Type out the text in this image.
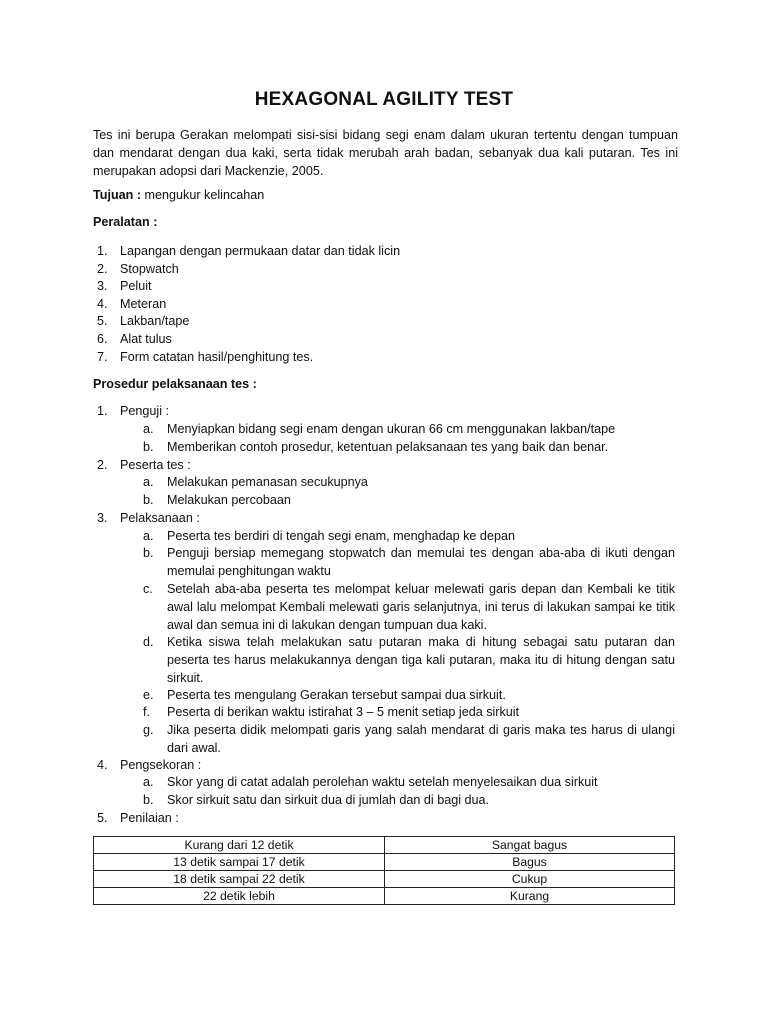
HEXAGONAL AGILITY TEST
Tes ini berupa Gerakan melompati sisi-sisi bidang segi enam dalam ukuran tertentu dengan tumpuan dan mendarat dengan dua kaki, serta tidak merubah arah badan, sebanyak dua kali putaran. Tes ini merupakan adopsi dari Mackenzie, 2005.
Tujuan : mengukur kelincahan
Peralatan :
1. Lapangan dengan permukaan datar dan tidak licin
2. Stopwatch
3. Peluit
4. Meteran
5. Lakban/tape
6. Alat tulus
7. Form catatan hasil/penghitung tes.
Prosedur pelaksanaan tes :
1. Penguji :
a. Menyiapkan bidang segi enam dengan ukuran 66 cm menggunakan lakban/tape
b. Memberikan contoh prosedur, ketentuan pelaksanaan tes yang baik dan benar.
2. Peserta tes :
a. Melakukan pemanasan secukupnya
b. Melakukan percobaan
3. Pelaksanaan :
a. Peserta tes berdiri di tengah segi enam, menghadap ke depan
b. Penguji bersiap memegang stopwatch dan memulai tes dengan aba-aba di ikuti dengan memulai penghitungan waktu
c. Setelah aba-aba peserta tes melompat keluar melewati garis depan dan Kembali ke titik awal lalu melompat Kembali melewati garis selanjutnya, ini terus di lakukan sampai ke titik awal dan semua ini di lakukan dengan tumpuan dua kaki.
d. Ketika siswa telah melakukan satu putaran maka di hitung sebagai satu putaran dan peserta tes harus melakukannya dengan tiga kali putaran, maka itu di hitung dengan satu sirkuit.
e. Peserta tes mengulang Gerakan tersebut sampai dua sirkuit.
f. Peserta di berikan waktu istirahat 3 – 5 menit setiap jeda sirkuit
g. Jika peserta didik melompati garis yang salah mendarat di garis maka tes harus di ulangi dari awal.
4. Pengsekoran :
a. Skor yang di catat adalah perolehan waktu setelah menyelesaikan dua sirkuit
b. Skor sirkuit satu dan sirkuit dua di jumlah dan di bagi dua.
5. Penilaian :
Kurang dari 12 detik	Sangat bagus
13 detik sampai 17 detik	Bagus
18 detik sampai 22 detik	Cukup
22 detik lebih	Kurang
